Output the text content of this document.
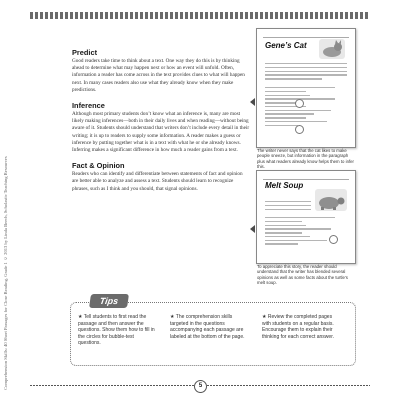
Comprehension Skills: 40 Short Passages for Close Reading, Grade 1 © 2013 by Linda Beech, Scholastic Teaching Resources
Predict

Good readers take time to think about a text. One way they do this is by thinking ahead to determine what may happen next or how an event will unfold. Often, information a reader has come across in the text provides clues to what will happen next. In many cases readers also use what they already know when they make predictions.

Inference

Although most primary students don’t know what an inference is, many are most likely making inferences—both in their daily lives and when reading—without being aware of it. Students should understand that writers don’t include every detail in their writing; it is up to readers to supply some information. A reader makes a guess or inference by putting together what is in a text with what he or she already knows. Inferring makes a significant difference in how much a reader gains from a text.

Fact & Opinion

Readers who can identify and differentiate between statements of fact and opinion are better able to analyze and assess a text. Students should learn to recognize phrases, such as I think and you should, that signal opinions.

Gene’s Cat
The writer never says that the cat likes to make people sneeze, but information in the paragraph plus what readers already know helps them to infer this.
Melt Soup
To appreciate this story, the reader should understand that the writer has blended several opinions as well as some facts about the turtle’s melt soup.
Tips
★ Tell students to first read the passage and then answer the questions. Show them how to fill in the circles for bubble-test questions.
★ The comprehension skills targeted in the questions accompanying each passage are labeled at the bottom of the page.
★ Review the completed pages with students on a regular basis. Encourage them to explain their thinking for each correct answer.
5
